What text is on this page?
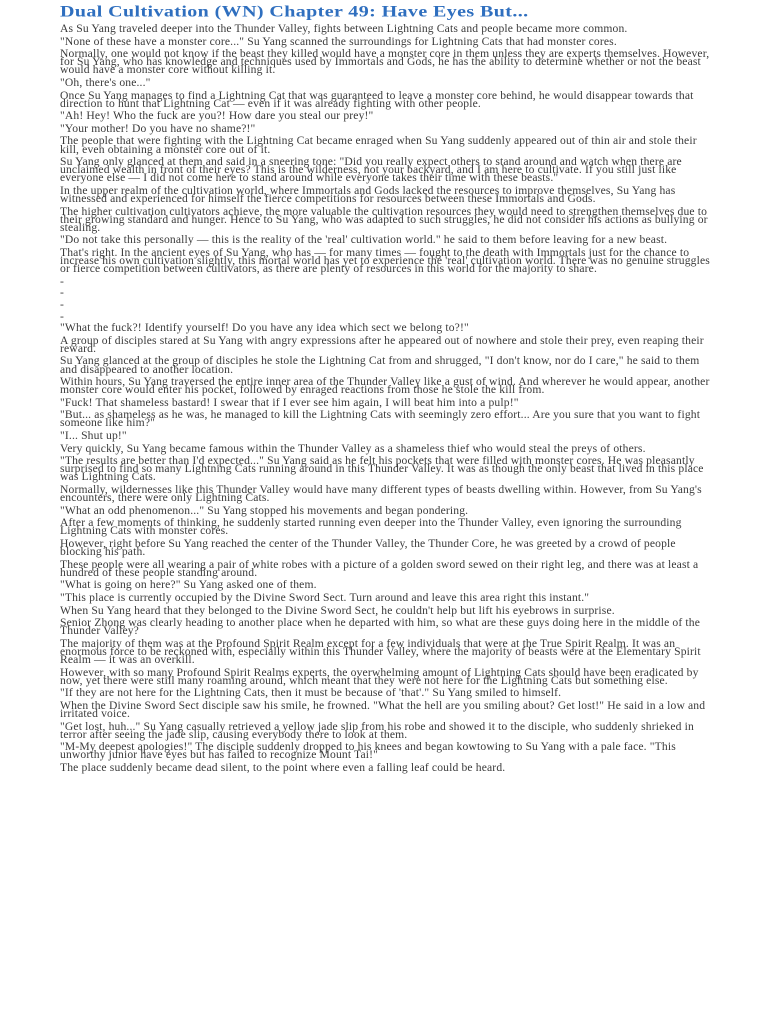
Dual Cultivation (WN) Chapter 49: Have Eyes But...

As Su Yang traveled deeper into the Thunder Valley, fights between Lightning Cats and people became more common.

"None of these have a monster core..." Su Yang scanned the surroundings for Lightning Cats that had monster cores.

Normally, one would not know if the beast they killed would have a monster core in them unless they are experts themselves. However, for Su Yang, who has knowledge and techniques used by Immortals and Gods, he has the ability to determine whether or not the beast would have a monster core without killing it.

"Oh, there's one..."

Once Su Yang manages to find a Lightning Cat that was guaranteed to leave a monster core behind, he would disappear towards that direction to hunt that Lightning Cat — even if it was already fighting with other people.

"Ah! Hey! Who the fuck are you?! How dare you steal our prey!"

"Your mother! Do you have no shame?!"

The people that were fighting with the Lightning Cat became enraged when Su Yang suddenly appeared out of thin air and stole their kill, even obtaining a monster core out of it.

Su Yang only glanced at them and said in a sneering tone: "Did you really expect others to stand around and watch when there are unclaimed wealth in front of their eyes? This is the wilderness, not your backyard, and I am here to cultivate. If you still just like everyone else — I did not come here to stand around while everyone takes their time with these beasts."

In the upper realm of the cultivation world, where Immortals and Gods lacked the resources to improve themselves, Su Yang has witnessed and experienced for himself the fierce competitions for resources between these Immortals and Gods.

The higher cultivation cultivators achieve, the more valuable the cultivation resources they would need to strengthen themselves due to their growing standard and hunger. Hence to Su Yang, who was adapted to such struggles, he did not consider his actions as bullying or stealing.

"Do not take this personally — this is the reality of the 'real' cultivation world." he said to them before leaving for a new beast.

That's right. In the ancient eyes of Su Yang, who has — for many times — fought to the death with Immortals just for the chance to increase his own cultivation slightly, this mortal world has yet to experience the 'real' cultivation world. There was no genuine struggles or fierce competition between cultivators, as there are plenty of resources in this world for the majority to share.

-

-

-

-

"What the fuck?! Identify yourself! Do you have any idea which sect we belong to?!"

A group of disciples stared at Su Yang with angry expressions after he appeared out of nowhere and stole their prey, even reaping their reward.

Su Yang glanced at the group of disciples he stole the Lightning Cat from and shrugged, "I don't know, nor do I care," he said to them and disappeared to another location.

Within hours, Su Yang traversed the entire inner area of the Thunder Valley like a gust of wind. And wherever he would appear, another monster core would enter his pocket, followed by enraged reactions from those he stole the kill from.

"Fuck! That shameless bastard! I swear that if I ever see him again, I will beat him into a pulp!"

"But... as shameless as he was, he managed to kill the Lightning Cats with seemingly zero effort... Are you sure that you want to fight someone like him?"

"I... Shut up!"

Very quickly, Su Yang became famous within the Thunder Valley as a shameless thief who would steal the preys of others.

"The results are better than I'd expected..." Su Yang said as he felt his pockets that were filled with monster cores. He was pleasantly surprised to find so many Lightning Cats running around in this Thunder Valley. It was as though the only beast that lived in this place was Lightning Cats.

Normally, wildernesses like this Thunder Valley would have many different types of beasts dwelling within. However, from Su Yang's encounters, there were only Lightning Cats.

"What an odd phenomenon..." Su Yang stopped his movements and began pondering.

After a few moments of thinking, he suddenly started running even deeper into the Thunder Valley, even ignoring the surrounding Lightning Cats with monster cores.

However, right before Su Yang reached the center of the Thunder Valley, the Thunder Core, he was greeted by a crowd of people blocking his path.

These people were all wearing a pair of white robes with a picture of a golden sword sewed on their right leg, and there was at least a hundred of these people standing around.

"What is going on here?" Su Yang asked one of them.

"This place is currently occupied by the Divine Sword Sect. Turn around and leave this area right this instant."

When Su Yang heard that they belonged to the Divine Sword Sect, he couldn't help but lift his eyebrows in surprise.

Senior Zhong was clearly heading to another place when he departed with him, so what are these guys doing here in the middle of the Thunder Valley?

The majority of them was at the Profound Spirit Realm except for a few individuals that were at the True Spirit Realm. It was an enormous force to be reckoned with, especially within this Thunder Valley, where the majority of beasts were at the Elementary Spirit Realm — it was an overkill.

However, with so many Profound Spirit Realms experts, the overwhelming amount of Lightning Cats should have been eradicated by now, yet there were still many roaming around, which meant that they were not here for the Lightning Cats but something else.

"If they are not here for the Lightning Cats, then it must be because of 'that'." Su Yang smiled to himself.

When the Divine Sword Sect disciple saw his smile, he frowned. "What the hell are you smiling about? Get lost!" He said in a low and irritated voice.

"Get lost, huh..." Su Yang casually retrieved a yellow jade slip from his robe and showed it to the disciple, who suddenly shrieked in terror after seeing the jade slip, causing everybody there to look at them.

"M-My deepest apologies!" The disciple suddenly dropped to his knees and began kowtowing to Su Yang with a pale face. "This unworthy junior have eyes but has failed to recognize Mount Tai!"

The place suddenly became dead silent, to the point where even a falling leaf could be heard.
